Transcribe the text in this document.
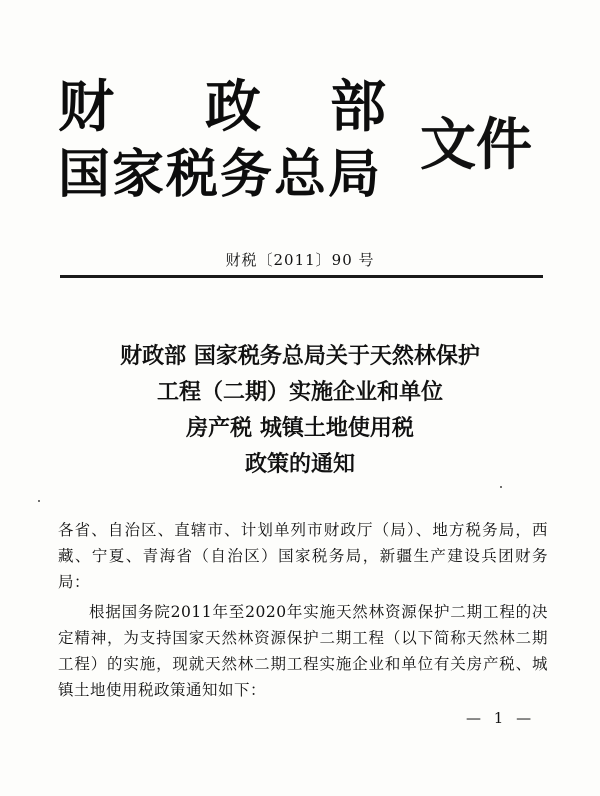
财 政 部
国家税务总局 文件
财税〔2011〕90 号
财政部 国家税务总局关于天然林保护
工程（二期）实施企业和单位
房产税 城镇土地使用税
政策的通知

各省、自治区、直辖市、计划单列市财政厅（局）、地方税务局，西藏、宁夏、青海省（自治区）国家税务局，新疆生产建设兵团财务局：

根据国务院2011年至2020年实施天然林资源保护二期工程的决定精神，为支持国家天然林资源保护二期工程（以下简称天然林二期工程）的实施，现就天然林二期工程实施企业和单位有关房产税、城镇土地使用税政策通知如下：

— 1 —
